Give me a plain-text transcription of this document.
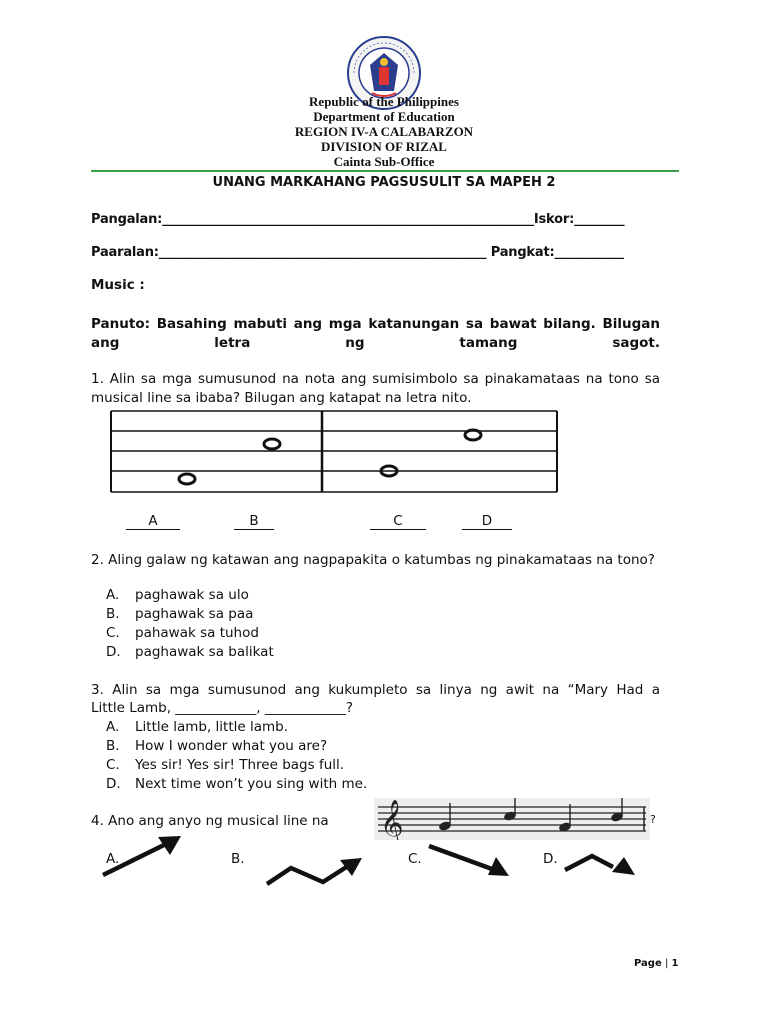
Republic of the Philippines
Department of Education
REGION IV-A CALABARZON
DIVISION OF RIZAL
Cainta Sub-Office
UNANG MARKAHANG PAGSUSULIT SA MAPEH 2
Pangalan:___________________________________________________________Iskor:________
Paaralan:____________________________________________________ Pangkat:___________
Music :
Panuto: Basahing mabuti ang mga katanungan sa bawat bilang. Bilugan ang letra ng tamang sagot.
1. Alin sa mga sumusunod na nota ang sumisimbolo sa pinakamataas na tono sa musical line sa ibaba? Bilugan ang katapat na letra nito.
A	B	C	D
2. Aling galaw ng katawan ang nagpapakita o katumbas ng pinakamataas na tono?
A. paghawak sa ulo
B. paghawak sa paa
C. pahawak sa tuhod
D. paghawak sa balikat
3. Alin sa mga sumusunod ang kukumpleto sa linya ng awit na “Mary Had a
Little Lamb, ____________, ____________?
A. Little lamb, little lamb.
B. How I wonder what you are?
C. Yes sir! Yes sir! Three bags full.
D. Next time won’t you sing with me.
4. Ano ang anyo ng musical line na 𝄞	?
A.	B.	C.	D.
Page | 1
